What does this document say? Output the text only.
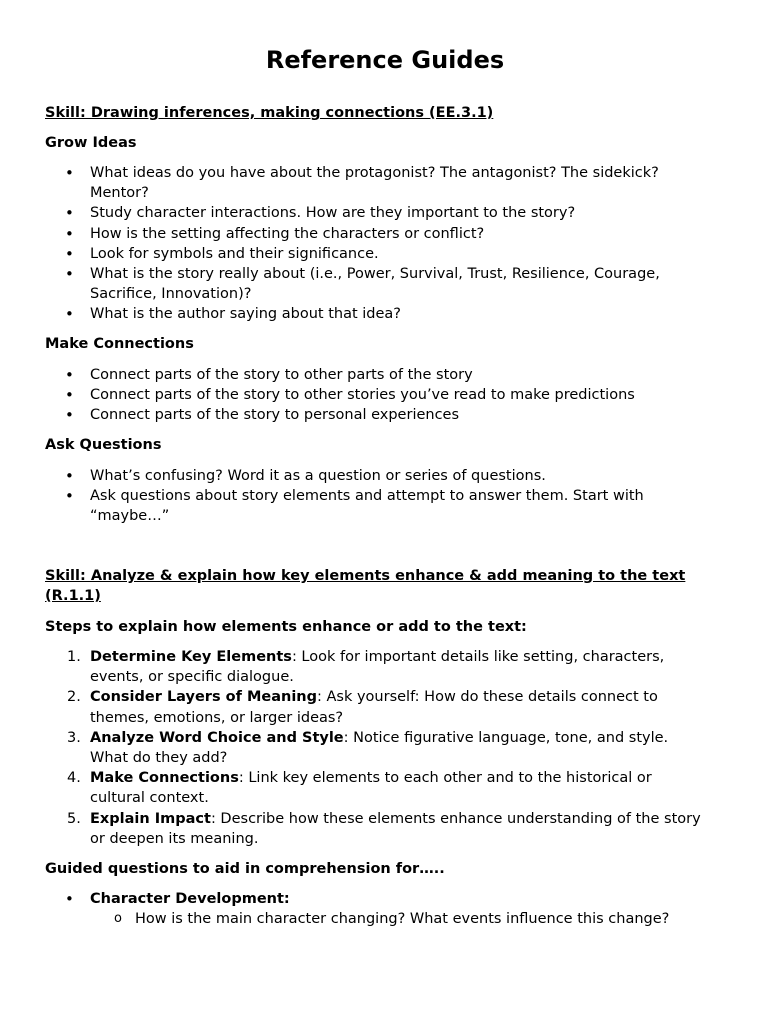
Reference Guides
Skill: Drawing inferences, making connections (EE.3.1)
Grow Ideas
• What ideas do you have about the protagonist? The antagonist? The sidekick? Mentor?
• Study character interactions. How are they important to the story?
• How is the setting affecting the characters or conflict?
• Look for symbols and their significance.
• What is the story really about (i.e., Power, Survival, Trust, Resilience, Courage, Sacrifice, Innovation)?
• What is the author saying about that idea?
Make Connections
• Connect parts of the story to other parts of the story
• Connect parts of the story to other stories you’ve read to make predictions
• Connect parts of the story to personal experiences
Ask Questions
• What’s confusing? Word it as a question or series of questions.
• Ask questions about story elements and attempt to answer them. Start with “maybe…”
Skill: Analyze & explain how key elements enhance & add meaning to the text (R.1.1)
Steps to explain how elements enhance or add to the text:
1. Determine Key Elements: Look for important details like setting, characters, events, or specific dialogue.
2. Consider Layers of Meaning: Ask yourself: How do these details connect to themes, emotions, or larger ideas?
3. Analyze Word Choice and Style: Notice figurative language, tone, and style. What do they add?
4. Make Connections: Link key elements to each other and to the historical or cultural context.
5. Explain Impact: Describe how these elements enhance understanding of the story or deepen its meaning.
Guided questions to aid in comprehension for…..
• Character Development:
o How is the main character changing? What events influence this change?
